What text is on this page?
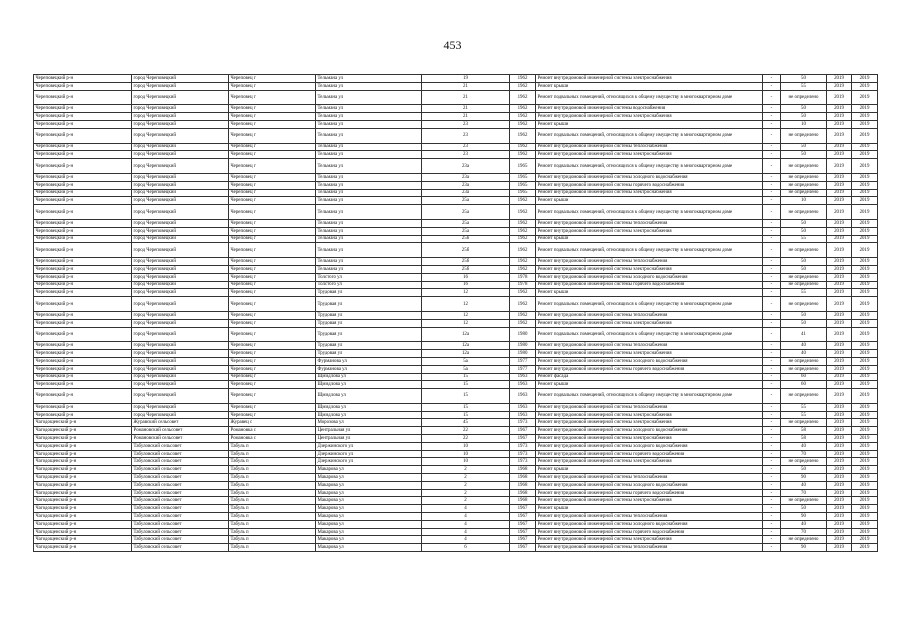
453
Череповецкий р-н	город Череповецкий	Череповец г	Тельмана ул	19	1962	Ремонт внутридомовой инженерной системы электроснабжения	-	50	2019	2019
Череповецкий р-н	город Череповецкий	Череповец г	Тельмана ул	21	1962	Ремонт крыши	-	55	2019	2019
Череповецкий р-н	город Череповецкий	Череповец г	Тельмана ул	21	1962	Ремонт подвальных помещений, относящихся к общему имуществу в многоквартирном доме	-	не определено	2019	2019
Череповецкий р-н	город Череповецкий	Череповец г	Тельмана ул	21	1962	Ремонт внутридомовой инженерной системы водоснабжения	-	50	2019	2019
Череповецкий р-н	город Череповецкий	Череповец г	Тельмана ул	21	1962	Ремонт внутридомовой инженерной системы электроснабжения	-	50	2019	2019
Череповецкий р-н	город Череповецкий	Череповец г	Тельмана ул	23	1962	Ремонт крыши	-	10	2019	2019
Череповецкий р-н	город Череповецкий	Череповец г	Тельмана ул	23	1962	Ремонт подвальных помещений, относящихся к общему имуществу в многоквартирном доме	-	не определено	2019	2019
Череповецкий р-н	город Череповецкий	Череповец г	Тельмана ул	23	1962	Ремонт внутридомовой инженерной системы теплоснабжения	-	50	2019	2019
Череповецкий р-н	город Череповецкий	Череповец г	Тельмана ул	23	1962	Ремонт внутридомовой инженерной системы электроснабжения	-	50	2019	2019
Череповецкий р-н	город Череповецкий	Череповец г	Тельмана ул	23а	1965	Ремонт подвальных помещений, относящихся к общему имуществу в многоквартирном доме	-	не определено	2019	2019
Череповецкий р-н	город Череповецкий	Череповец г	Тельмана ул	23а	1965	Ремонт внутридомовой инженерной системы холодного водоснабжения	-	не определено	2019	2019
Череповецкий р-н	город Череповецкий	Череповец г	Тельмана ул	23а	1965	Ремонт внутридомовой инженерной системы горячего водоснабжения	-	не определено	2019	2019
Череповецкий р-н	город Череповецкий	Череповец г	Тельмана ул	23а	1965	Ремонт внутридомовой инженерной системы электроснабжения	-	не определено	2019	2019
Череповецкий р-н	город Череповецкий	Череповец г	Тельмана ул	25а	1962	Ремонт крыши	-	10	2019	2019
Череповецкий р-н	город Череповецкий	Череповец г	Тельмана ул	25а	1962	Ремонт подвальных помещений, относящихся к общему имуществу в многоквартирном доме	-	не определено	2019	2019
Череповецкий р-н	город Череповецкий	Череповец г	Тельмана ул	25а	1962	Ремонт внутридомовой инженерной системы теплоснабжения	-	50	2019	2019
Череповецкий р-н	город Череповецкий	Череповец г	Тельмана ул	25а	1962	Ремонт внутридомовой инженерной системы электроснабжения	-	50	2019	2019
Череповецкий р-н	город Череповецкий	Череповец г	Тельмана ул	25б	1962	Ремонт крыши	-	55	2019	2019
Череповецкий р-н	город Череповецкий	Череповец г	Тельмана ул	25б	1962	Ремонт подвальных помещений, относящихся к общему имуществу в многоквартирном доме	-	не определено	2019	2019
Череповецкий р-н	город Череповецкий	Череповец г	Тельмана ул	25б	1962	Ремонт внутридомовой инженерной системы теплоснабжения	-	50	2019	2019
Череповецкий р-н	город Череповецкий	Череповец г	Тельмана ул	25б	1962	Ремонт внутридомовой инженерной системы электроснабжения	-	50	2019	2019
Череповецкий р-н	город Череповецкий	Череповец г	Толстого ул	16	1978	Ремонт внутридомовой инженерной системы холодного водоснабжения	-	не определено	2019	2019
Череповецкий р-н	город Череповецкий	Череповец г	Толстого ул	16	1978	Ремонт внутридомовой инженерной системы горячего водоснабжения	-	не определено	2019	2019
Череповецкий р-н	город Череповецкий	Череповец г	Трудовая ул	12	1962	Ремонт крыши	-	55	2019	2019
Череповецкий р-н	город Череповецкий	Череповец г	Трудовая ул	12	1962	Ремонт подвальных помещений, относящихся к общему имуществу в многоквартирном доме	-	не определено	2019	2019
Череповецкий р-н	город Череповецкий	Череповец г	Трудовая ул	12	1962	Ремонт внутридомовой инженерной системы теплоснабжения	-	50	2019	2019
Череповецкий р-н	город Череповецкий	Череповец г	Трудовая ул	12	1962	Ремонт внутридомовой инженерной системы электроснабжения	-	50	2019	2019
Череповецкий р-н	город Череповецкий	Череповец г	Трудовая ул	12а	1980	Ремонт подвальных помещений, относящихся к общему имуществу в многоквартирном доме	-	41	2019	2019
Череповецкий р-н	город Череповецкий	Череповец г	Трудовая ул	12а	1980	Ремонт внутридомовой инженерной системы теплоснабжения	-	40	2019	2019
Череповецкий р-н	город Череповецкий	Череповец г	Трудовая ул	12а	1980	Ремонт внутридомовой инженерной системы электроснабжения	-	40	2019	2019
Череповецкий р-н	город Череповецкий	Череповец г	Фурманова ул	5а	1977	Ремонт внутридомовой инженерной системы холодного водоснабжения	-	не определено	2019	2019
Череповецкий р-н	город Череповецкий	Череповец г	Фурманова ул	5а	1977	Ремонт внутридомовой инженерной системы горячего водоснабжения	-	не определено	2019	2019
Череповецкий р-н	город Череповецкий	Череповец г	Щмидлова ул	15	1963	Ремонт фасада	-	60	2019	2019
Череповецкий р-н	город Череповецкий	Череповец г	Щмидлова ул	15	1963	Ремонт крыши	-	60	2019	2019
Череповецкий р-н	город Череповецкий	Череповец г	Щмидлова ул	15	1963	Ремонт подвальных помещений, относящихся к общему имуществу в многоквартирном доме	-	не определено	2019	2019
Череповецкий р-н	город Череповецкий	Череповец г	Щмидлова ул	15	1963	Ремонт внутридомовой инженерной системы теплоснабжения	-	55	2019	2019
Череповецкий р-н	город Череповецкий	Череповец г	Щмидлова ул	15	1963	Ремонт внутридомовой инженерной системы электроснабжения	-	55	2019	2019
Чагодощенский р-н	Журавский сельсовет	Журавец с	Морозова ул	45	1973	Ремонт внутридомовой инженерной системы электроснабжения	-	не определено	2019	2019
Чагодощенский р-н	Романовский сельсовет	Романовка с	Центральная ул	22	1967	Ремонт внутридомовой инженерной системы холодного водоснабжения	-	58	2019	2019
Чагодощенский р-н	Романовский сельсовет	Романовка с	Центральная ул	22	1967	Ремонт внутридомовой инженерной системы электроснабжения	-	58	2019	2019
Чагодощенский р-н	Табуловский сельсовет	Табуль п	Дзержинского ул	10	1973	Ремонт внутридомовой инженерной системы холодного водоснабжения	-	40	2019	2019
Чагодощенский р-н	Табуловский сельсовет	Табуль п	Дзержинского ул	10	1973	Ремонт внутридомовой инженерной системы горячего водоснабжения	-	70	2019	2019
Чагодощенский р-н	Табуловский сельсовет	Табуль п	Дзержинского ул	10	1973	Ремонт внутридомовой инженерной системы электроснабжения	-	не определено	2019	2019
Чагодощенский р-н	Табуловский сельсовет	Табуль п	Макарова ул	2	1968	Ремонт крыши	-	50	2019	2019
Чагодощенский р-н	Табуловский сельсовет	Табуль п	Макарова ул	2	1968	Ремонт внутридомовой инженерной системы теплоснабжения	-	90	2019	2019
Чагодощенский р-н	Табуловский сельсовет	Табуль п	Макарова ул	2	1968	Ремонт внутридомовой инженерной системы холодного водоснабжения	-	40	2019	2019
Чагодощенский р-н	Табуловский сельсовет	Табуль п	Макарова ул	2	1968	Ремонт внутридомовой инженерной системы горячего водоснабжения	-	70	2019	2019
Чагодощенский р-н	Табуловский сельсовет	Табуль п	Макарова ул	2	1968	Ремонт внутридомовой инженерной системы электроснабжения	-	не определено	2019	2019
Чагодощенский р-н	Табуловский сельсовет	Табуль п	Макарова ул	4	1967	Ремонт крыши	-	50	2019	2019
Чагодощенский р-н	Табуловский сельсовет	Табуль п	Макарова ул	4	1967	Ремонт внутридомовой инженерной системы теплоснабжения	-	90	2019	2019
Чагодощенский р-н	Табуловский сельсовет	Табуль п	Макарова ул	4	1967	Ремонт внутридомовой инженерной системы холодного водоснабжения	-	40	2019	2019
Чагодощенский р-н	Табуловский сельсовет	Табуль п	Макарова ул	4	1967	Ремонт внутридомовой инженерной системы горячего водоснабжения	-	70	2019	2019
Чагодощенский р-н	Табуловский сельсовет	Табуль п	Макарова ул	4	1967	Ремонт внутридомовой инженерной системы электроснабжения	-	не определено	2019	2019
Чагодощенский р-н	Табуловский сельсовет	Табуль п	Макарова ул	6	1967	Ремонт внутридомовой инженерной системы теплоснабжения	-	90	2019	2019
